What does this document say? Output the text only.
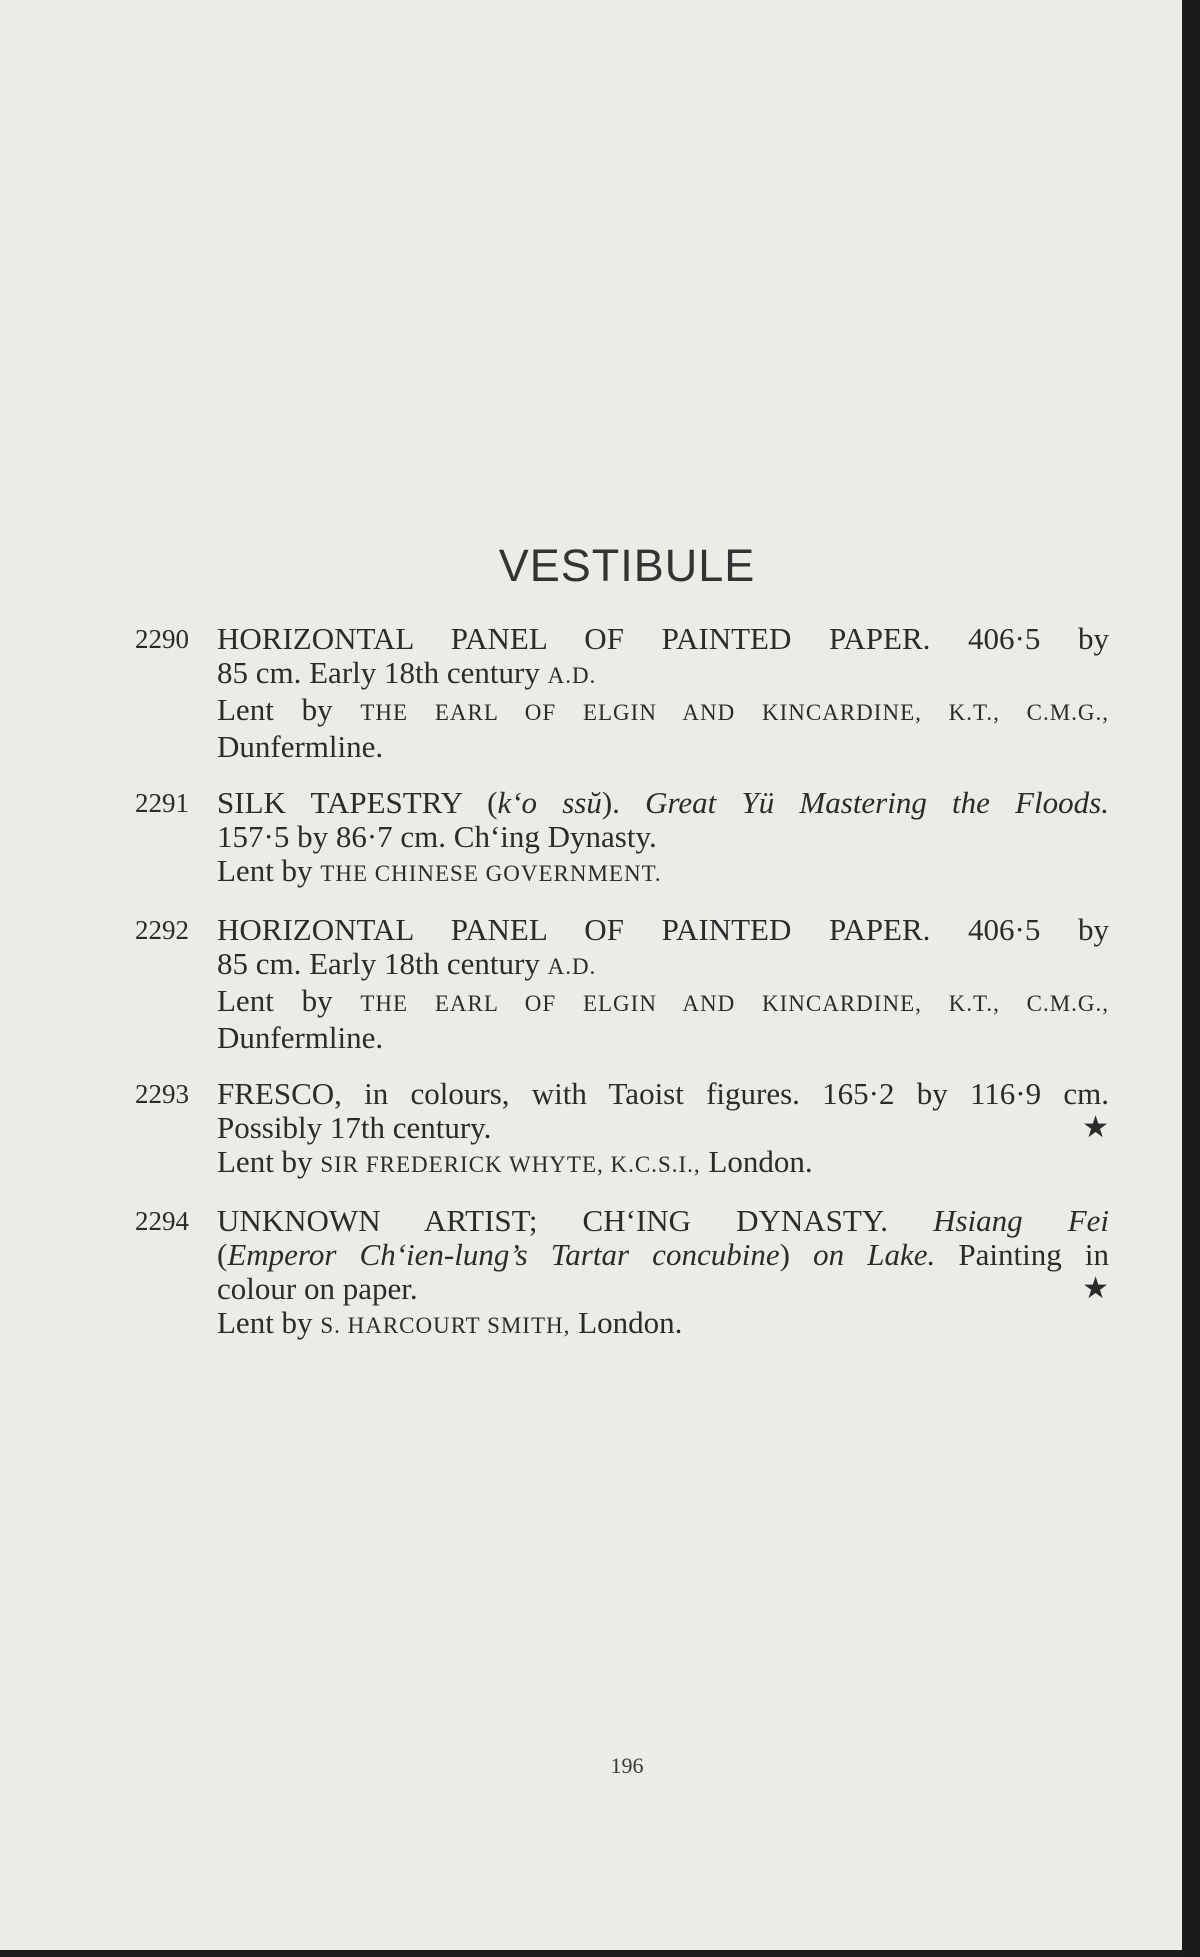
VESTIBULE
2290 HORIZONTAL PANEL OF PAINTED PAPER. 406·5 by
85 cm. Early 18th century A.D.
Lent by THE EARL OF ELGIN AND KINCARDINE, K.T., C.M.G.,
Dunfermline.
2291 SILK TAPESTRY (k‘o ssŭ). Great Yü Mastering the Floods.
157·5 by 86·7 cm. Ch‘ing Dynasty.
Lent by THE CHINESE GOVERNMENT.
2292 HORIZONTAL PANEL OF PAINTED PAPER. 406·5 by
85 cm. Early 18th century A.D.
Lent by THE EARL OF ELGIN AND KINCARDINE, K.T., C.M.G.,
Dunfermline.
2293 FRESCO, in colours, with Taoist figures. 165·2 by 116·9 cm.
Possibly 17th century.	★
Lent by SIR FREDERICK WHYTE, K.C.S.I., London.
2294 UNKNOWN ARTIST; CH‘ING DYNASTY. Hsiang Fei
(Emperor Ch‘ien-lung’s Tartar concubine) on Lake. Painting in
colour on paper.	★
Lent by S. HARCOURT SMITH, London.
196
